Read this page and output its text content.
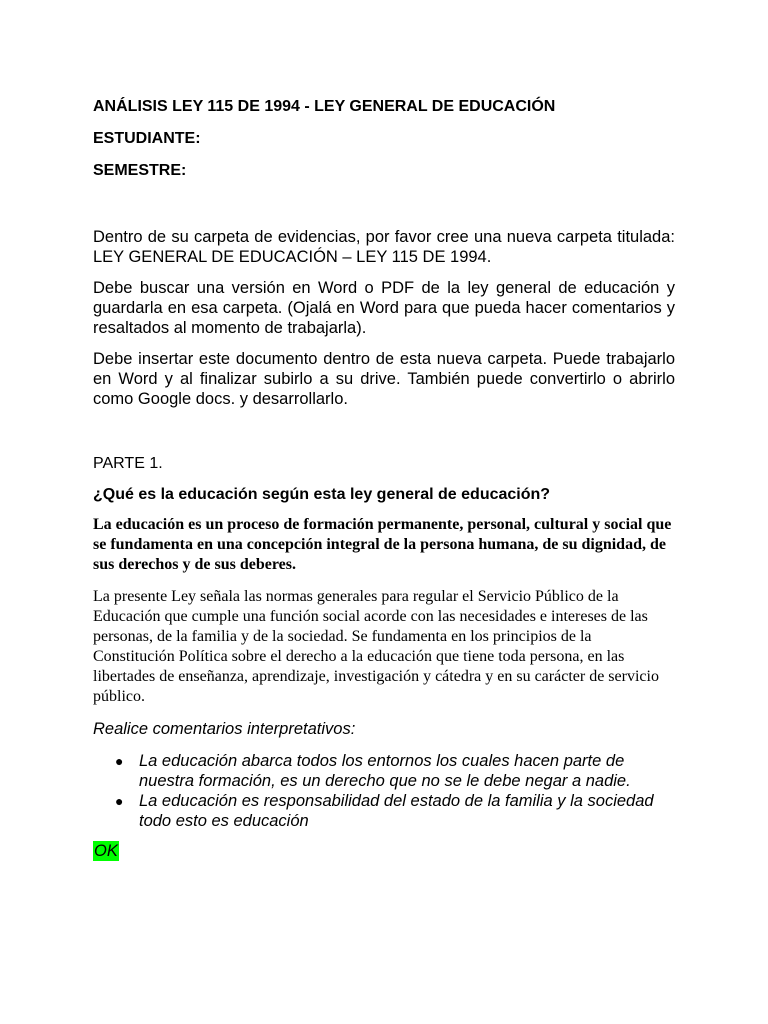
ANÁLISIS LEY 115 DE 1994 - LEY GENERAL DE EDUCACIÓN
ESTUDIANTE:
SEMESTRE:
Dentro de su carpeta de evidencias, por favor cree una nueva carpeta titulada: LEY GENERAL DE EDUCACIÓN – LEY 115 DE 1994.
Debe buscar una versión en Word o PDF de la ley general de educación y guardarla en esa carpeta. (Ojalá en Word para que pueda hacer comentarios y resaltados al momento de trabajarla).
Debe insertar este documento dentro de esta nueva carpeta. Puede trabajarlo en Word y al finalizar subirlo a su drive. También puede convertirlo o abrirlo como Google docs. y desarrollarlo.
PARTE 1.
¿Qué es la educación según esta ley general de educación?
La educación es un proceso de formación permanente, personal, cultural y social que se fundamenta en una concepción integral de la persona humana, de su dignidad, de sus derechos y de sus deberes.
La presente Ley señala las normas generales para regular el Servicio Público de la Educación que cumple una función social acorde con las necesidades e intereses de las personas, de la familia y de la sociedad. Se fundamenta en los principios de la Constitución Política sobre el derecho a la educación que tiene toda persona, en las libertades de enseñanza, aprendizaje, investigación y cátedra y en su carácter de servicio público.
Realice comentarios interpretativos:
● La educación abarca todos los entornos los cuales hacen parte de nuestra formación, es un derecho que no se le debe negar a nadie.
● La educación es responsabilidad del estado de la familia y la sociedad todo esto es educación
OK
